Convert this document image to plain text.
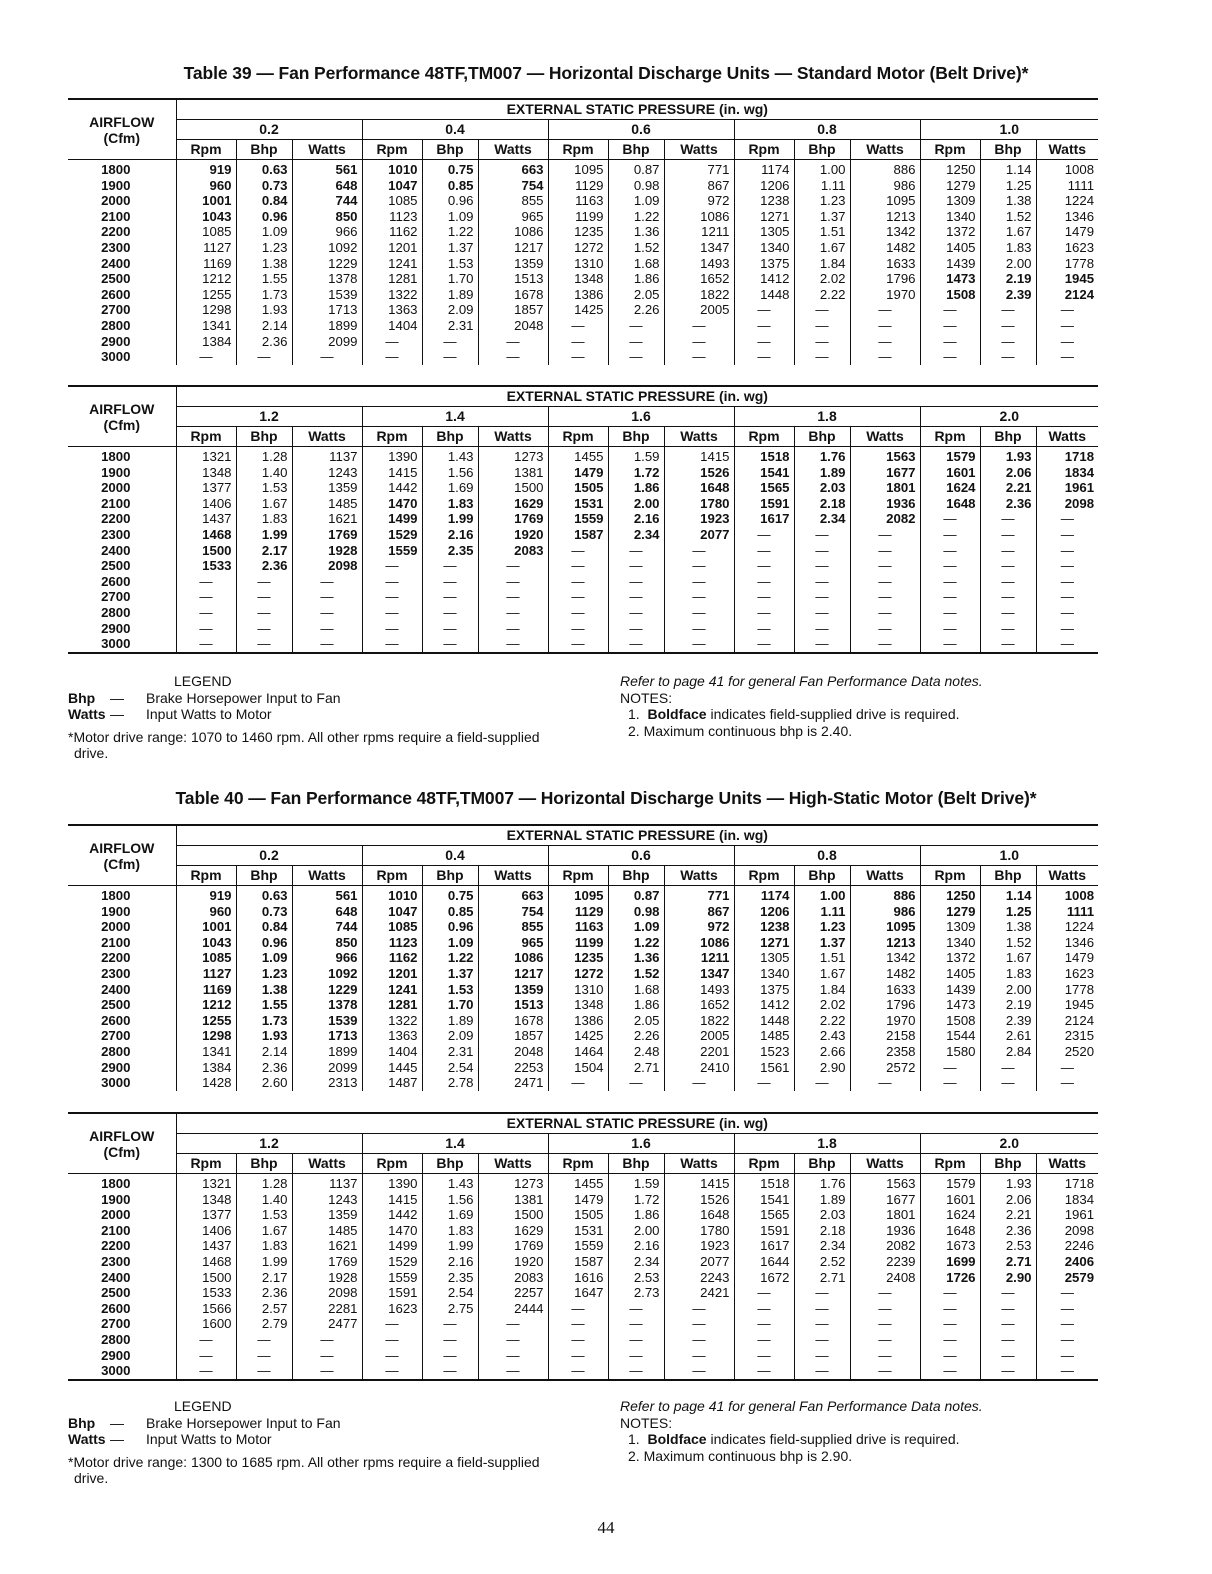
Table 39 — Fan Performance 48TF,TM007 — Horizontal Discharge Units — Standard Motor (Belt Drive)*
AIRFLOW
(Cfm)	EXTERNAL STATIC PRESSURE (in. wg)														
	0.2			0.4			0.6			0.8			1.0		
	Rpm	Bhp	Watts	Rpm	Bhp	Watts	Rpm	Bhp	Watts	Rpm	Bhp	Watts	Rpm	Bhp	Watts
1800	919	0.63	561	1010	0.75	663	1095	0.87	771	1174	1.00	886	1250	1.14	1008
1900	960	0.73	648	1047	0.85	754	1129	0.98	867	1206	1.11	986	1279	1.25	1111
2000	1001	0.84	744	1085	0.96	855	1163	1.09	972	1238	1.23	1095	1309	1.38	1224
2100	1043	0.96	850	1123	1.09	965	1199	1.22	1086	1271	1.37	1213	1340	1.52	1346
2200	1085	1.09	966	1162	1.22	1086	1235	1.36	1211	1305	1.51	1342	1372	1.67	1479
2300	1127	1.23	1092	1201	1.37	1217	1272	1.52	1347	1340	1.67	1482	1405	1.83	1623
2400	1169	1.38	1229	1241	1.53	1359	1310	1.68	1493	1375	1.84	1633	1439	2.00	1778
2500	1212	1.55	1378	1281	1.70	1513	1348	1.86	1652	1412	2.02	1796	1473	2.19	1945
2600	1255	1.73	1539	1322	1.89	1678	1386	2.05	1822	1448	2.22	1970	1508	2.39	2124
2700	1298	1.93	1713	1363	2.09	1857	1425	2.26	2005	—	—	—	—	—	—
2800	1341	2.14	1899	1404	2.31	2048	—	—	—	—	—	—	—	—	—
2900	1384	2.36	2099	—	—	—	—	—	—	—	—	—	—	—	—
3000	—	—	—	—	—	—	—	—	—	—	—	—	—	—	—
AIRFLOW
(Cfm)	EXTERNAL STATIC PRESSURE (in. wg)														
	1.2			1.4			1.6			1.8			2.0		
	Rpm	Bhp	Watts	Rpm	Bhp	Watts	Rpm	Bhp	Watts	Rpm	Bhp	Watts	Rpm	Bhp	Watts
1800	1321	1.28	1137	1390	1.43	1273	1455	1.59	1415	1518	1.76	1563	1579	1.93	1718
1900	1348	1.40	1243	1415	1.56	1381	1479	1.72	1526	1541	1.89	1677	1601	2.06	1834
2000	1377	1.53	1359	1442	1.69	1500	1505	1.86	1648	1565	2.03	1801	1624	2.21	1961
2100	1406	1.67	1485	1470	1.83	1629	1531	2.00	1780	1591	2.18	1936	1648	2.36	2098
2200	1437	1.83	1621	1499	1.99	1769	1559	2.16	1923	1617	2.34	2082	—	—	—
2300	1468	1.99	1769	1529	2.16	1920	1587	2.34	2077	—	—	—	—	—	—
2400	1500	2.17	1928	1559	2.35	2083	—	—	—	—	—	—	—	—	—
2500	1533	2.36	2098	—	—	—	—	—	—	—	—	—	—	—	—
2600	—	—	—	—	—	—	—	—	—	—	—	—	—	—	—
2700	—	—	—	—	—	—	—	—	—	—	—	—	—	—	—
2800	—	—	—	—	—	—	—	—	—	—	—	—	—	—	—
2900	—	—	—	—	—	—	—	—	—	—	—	—	—	—	—
3000	—	—	—	—	—	—	—	—	—	—	—	—	—	—	—
LEGEND
Bhp — Brake Horsepower Input to Fan
Watts — Input Watts to Motor
*Motor drive range: 1070 to 1460 rpm. All other rpms require a field-supplied drive.
Refer to page 41 for general Fan Performance Data notes.
NOTES:
1.  Boldface indicates field-supplied drive is required.
2. Maximum continuous bhp is 2.40.
Table 40 — Fan Performance 48TF,TM007 — Horizontal Discharge Units — High-Static Motor (Belt Drive)*
AIRFLOW
(Cfm)	EXTERNAL STATIC PRESSURE (in. wg)														
	0.2			0.4			0.6			0.8			1.0		
	Rpm	Bhp	Watts	Rpm	Bhp	Watts	Rpm	Bhp	Watts	Rpm	Bhp	Watts	Rpm	Bhp	Watts
1800	919	0.63	561	1010	0.75	663	1095	0.87	771	1174	1.00	886	1250	1.14	1008
1900	960	0.73	648	1047	0.85	754	1129	0.98	867	1206	1.11	986	1279	1.25	1111
2000	1001	0.84	744	1085	0.96	855	1163	1.09	972	1238	1.23	1095	1309	1.38	1224
2100	1043	0.96	850	1123	1.09	965	1199	1.22	1086	1271	1.37	1213	1340	1.52	1346
2200	1085	1.09	966	1162	1.22	1086	1235	1.36	1211	1305	1.51	1342	1372	1.67	1479
2300	1127	1.23	1092	1201	1.37	1217	1272	1.52	1347	1340	1.67	1482	1405	1.83	1623
2400	1169	1.38	1229	1241	1.53	1359	1310	1.68	1493	1375	1.84	1633	1439	2.00	1778
2500	1212	1.55	1378	1281	1.70	1513	1348	1.86	1652	1412	2.02	1796	1473	2.19	1945
2600	1255	1.73	1539	1322	1.89	1678	1386	2.05	1822	1448	2.22	1970	1508	2.39	2124
2700	1298	1.93	1713	1363	2.09	1857	1425	2.26	2005	1485	2.43	2158	1544	2.61	2315
2800	1341	2.14	1899	1404	2.31	2048	1464	2.48	2201	1523	2.66	2358	1580	2.84	2520
2900	1384	2.36	2099	1445	2.54	2253	1504	2.71	2410	1561	2.90	2572	—	—	—
3000	1428	2.60	2313	1487	2.78	2471	—	—	—	—	—	—	—	—	—
AIRFLOW
(Cfm)	EXTERNAL STATIC PRESSURE (in. wg)														
	1.2			1.4			1.6			1.8			2.0		
	Rpm	Bhp	Watts	Rpm	Bhp	Watts	Rpm	Bhp	Watts	Rpm	Bhp	Watts	Rpm	Bhp	Watts
1800	1321	1.28	1137	1390	1.43	1273	1455	1.59	1415	1518	1.76	1563	1579	1.93	1718
1900	1348	1.40	1243	1415	1.56	1381	1479	1.72	1526	1541	1.89	1677	1601	2.06	1834
2000	1377	1.53	1359	1442	1.69	1500	1505	1.86	1648	1565	2.03	1801	1624	2.21	1961
2100	1406	1.67	1485	1470	1.83	1629	1531	2.00	1780	1591	2.18	1936	1648	2.36	2098
2200	1437	1.83	1621	1499	1.99	1769	1559	2.16	1923	1617	2.34	2082	1673	2.53	2246
2300	1468	1.99	1769	1529	2.16	1920	1587	2.34	2077	1644	2.52	2239	1699	2.71	2406
2400	1500	2.17	1928	1559	2.35	2083	1616	2.53	2243	1672	2.71	2408	1726	2.90	2579
2500	1533	2.36	2098	1591	2.54	2257	1647	2.73	2421	—	—	—	—	—	—
2600	1566	2.57	2281	1623	2.75	2444	—	—	—	—	—	—	—	—	—
2700	1600	2.79	2477	—	—	—	—	—	—	—	—	—	—	—	—
2800	—	—	—	—	—	—	—	—	—	—	—	—	—	—	—
2900	—	—	—	—	—	—	—	—	—	—	—	—	—	—	—
3000	—	—	—	—	—	—	—	—	—	—	—	—	—	—	—
LEGEND
Bhp — Brake Horsepower Input to Fan
Watts — Input Watts to Motor
*Motor drive range: 1300 to 1685 rpm. All other rpms require a field-supplied drive.
Refer to page 41 for general Fan Performance Data notes.
NOTES:
1.  Boldface indicates field-supplied drive is required.
2. Maximum continuous bhp is 2.90.
44
